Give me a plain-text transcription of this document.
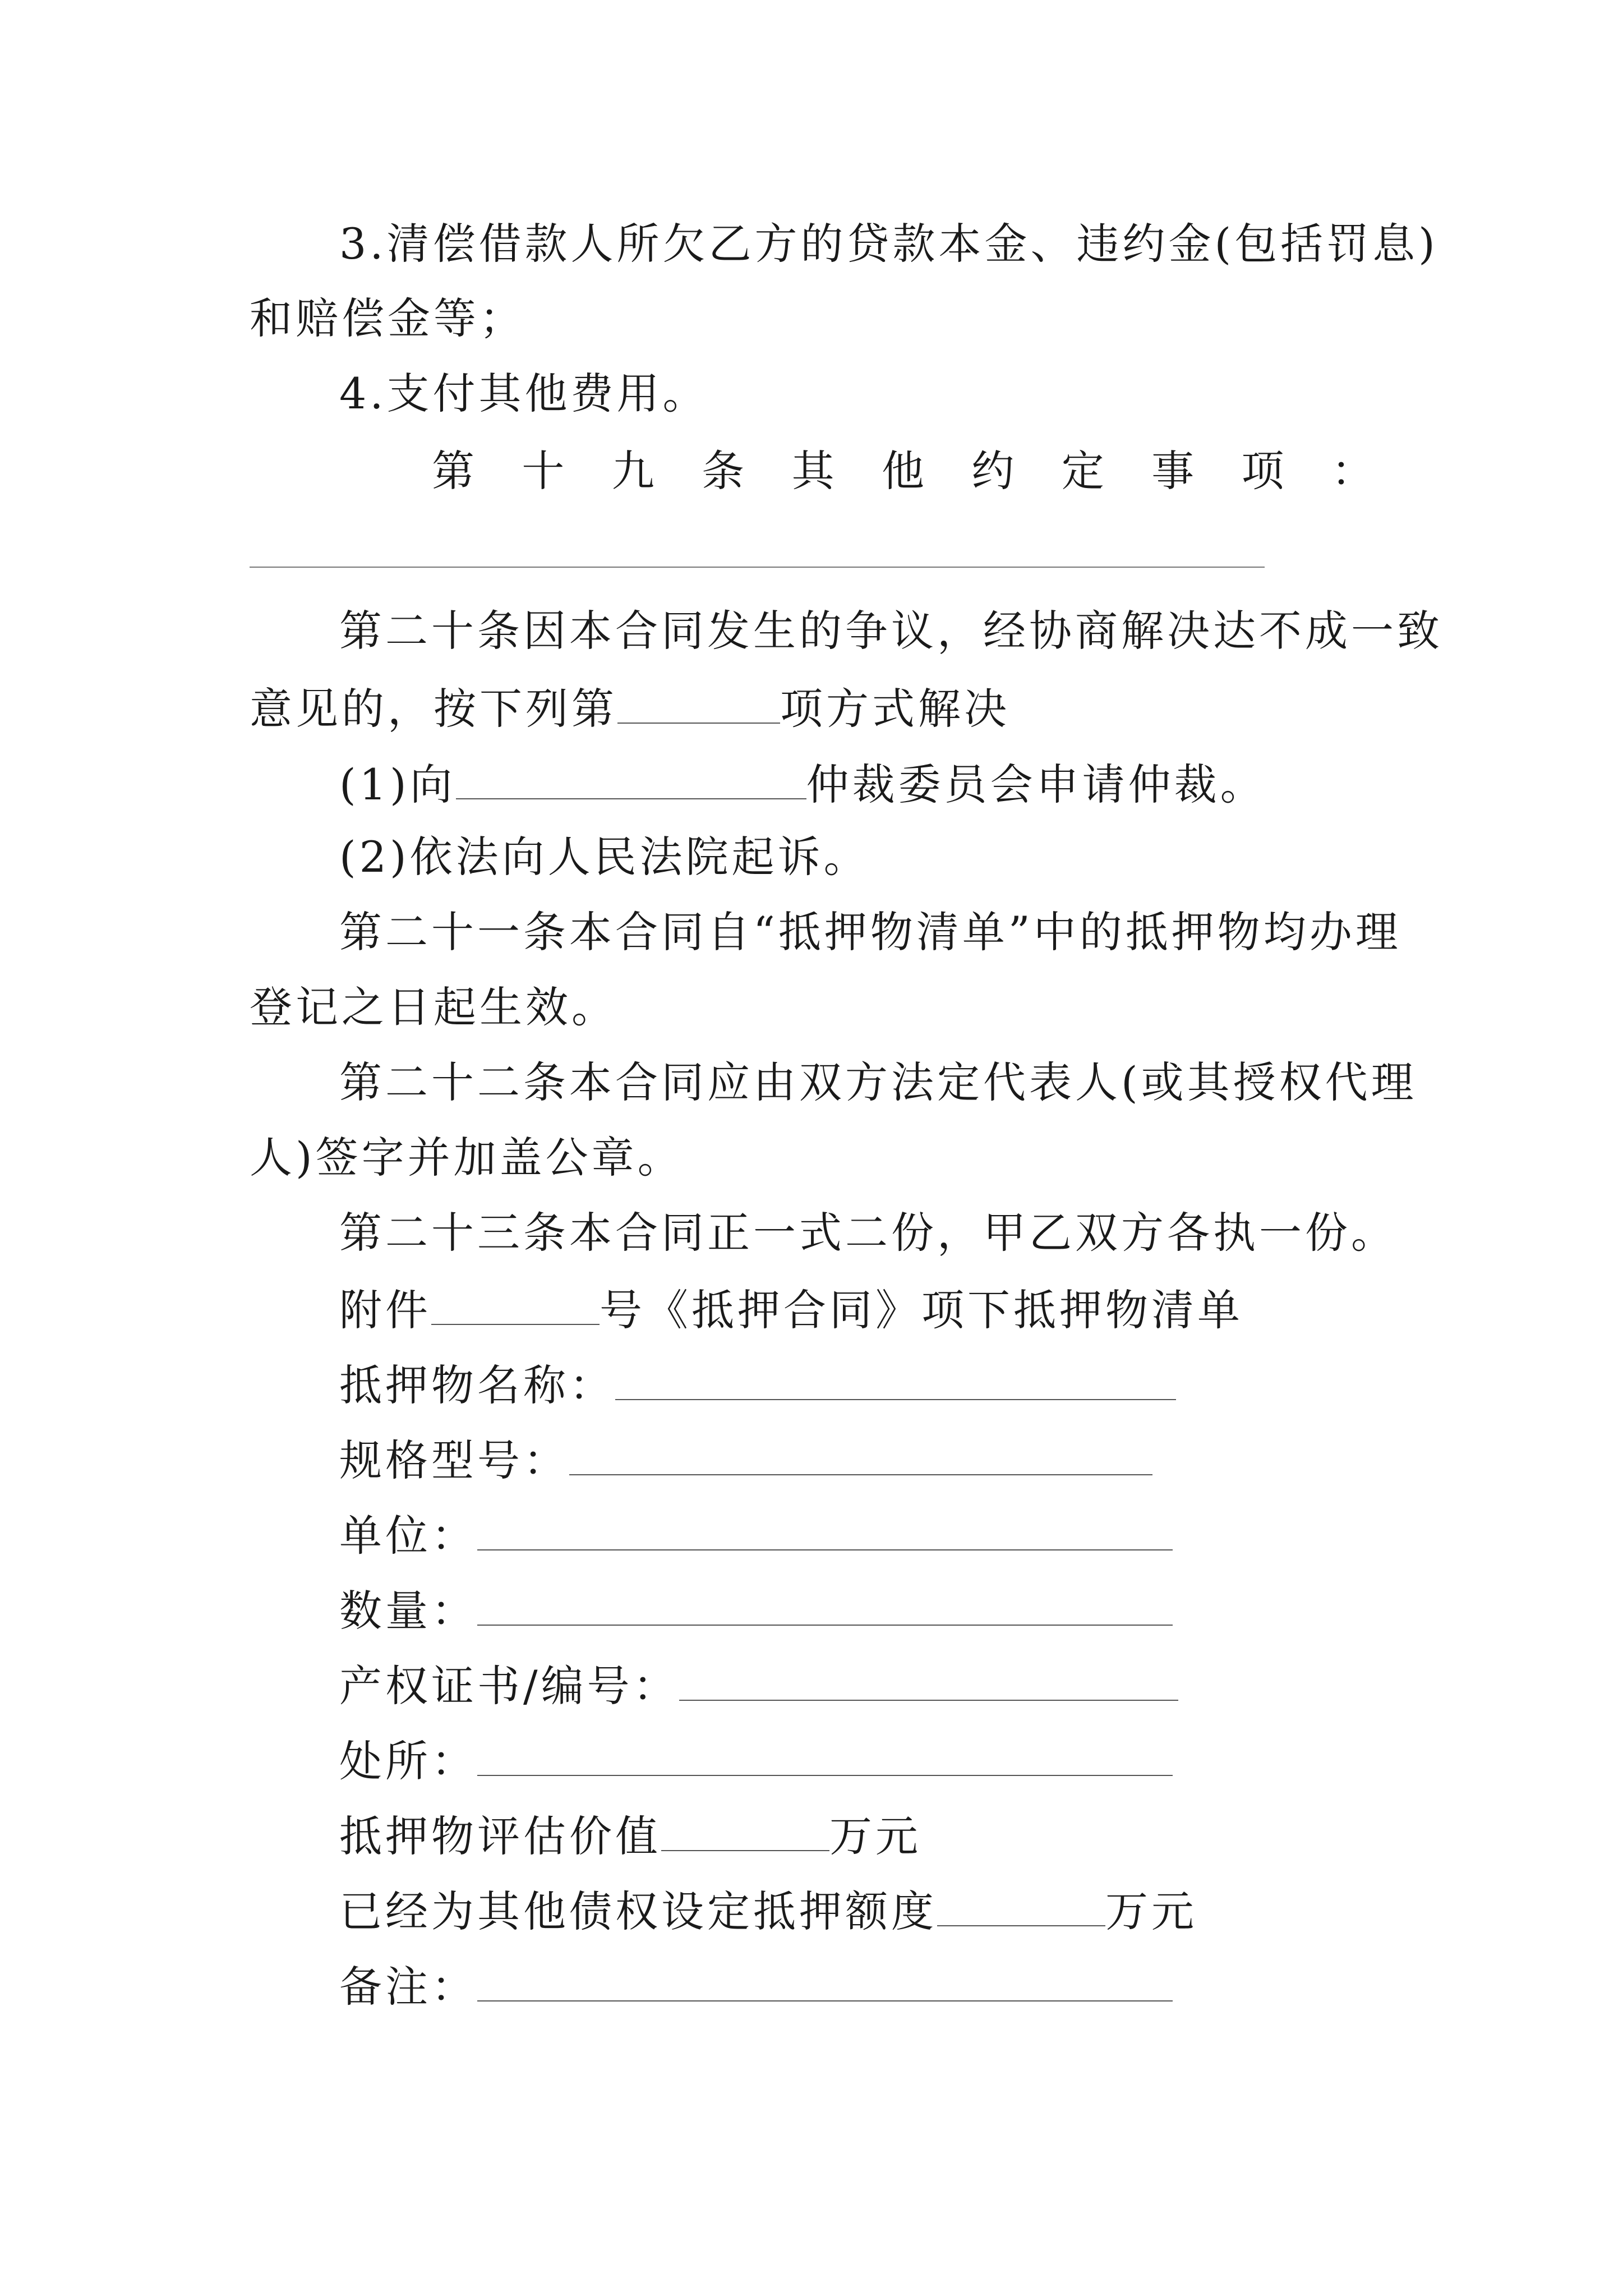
3.清偿借款人所欠乙方的贷款本金、违约金(包括罚息)
和赔偿金等；
4.支付其他费用。
第 十 九 条 其 他 约 定 事 项 ：
第二十条因本合同发生的争议，经协商解决达不成一致
意见的，按下列第	项方式解决
(1)向	仲裁委员会申请仲裁。
(2)依法向人民法院起诉。
第二十一条本合同自“抵押物清单”中的抵押物均办理
登记之日起生效。
第二十二条本合同应由双方法定代表人(或其授权代理
人)签字并加盖公章。
第二十三条本合同正一式二份，甲乙双方各执一份。
附件	号《抵押合同》项下抵押物清单
抵押物名称：
规格型号：
单位：
数量：
产权证书/编号：
处所：
抵押物评估价值	万元
已经为其他债权设定抵押额度	万元
备注：
